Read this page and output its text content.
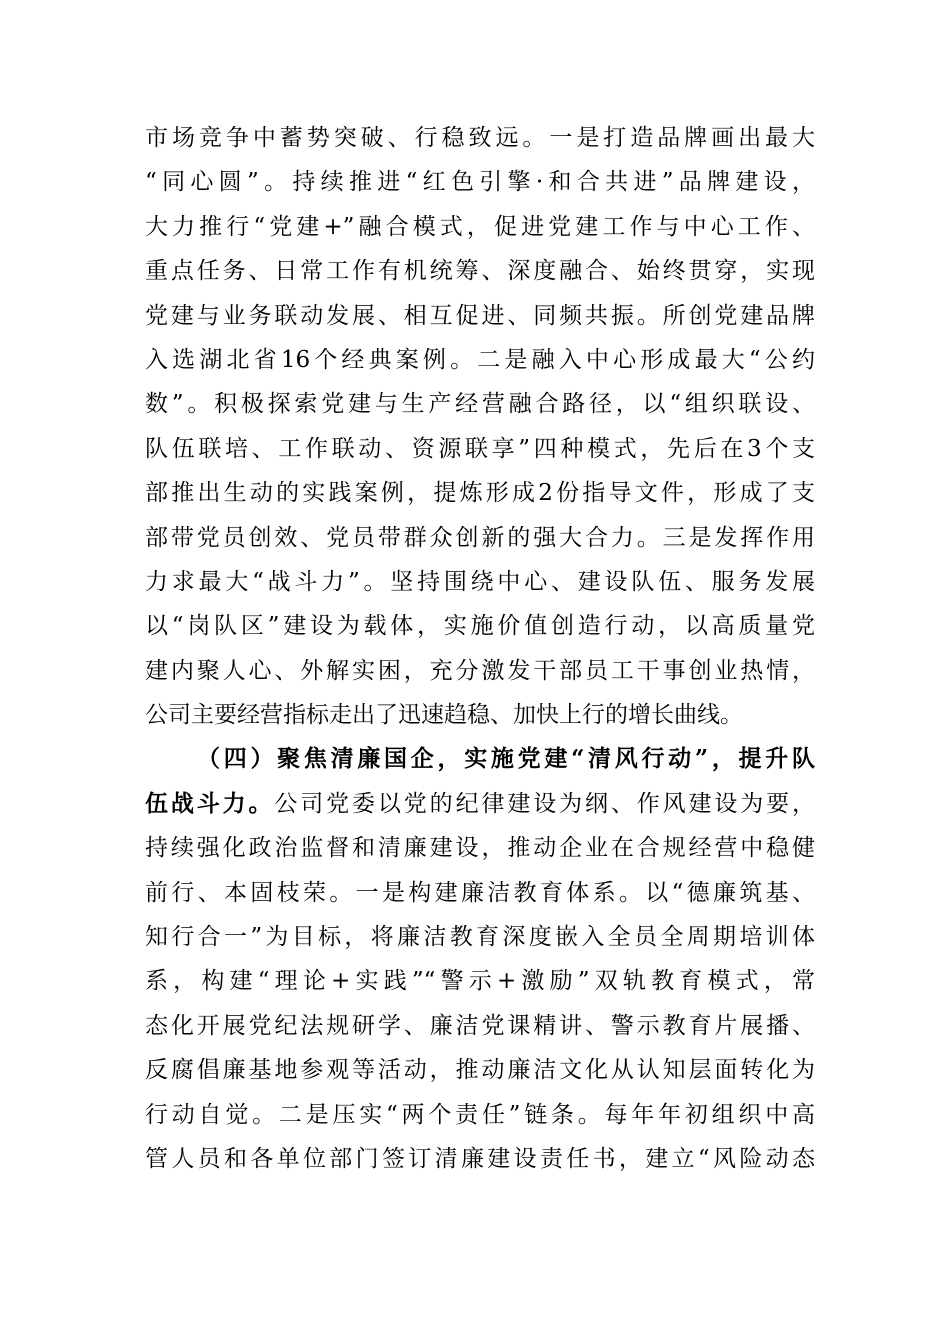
市场竞争中蓄势突破、行稳致远。一是打造品牌画出最大
“同心圆”。持续推进“红色引擎·和合共进”品牌建设，
大力推行“党建+”融合模式，促进党建工作与中心工作、
重点任务、日常工作有机统筹、深度融合、始终贯穿，实现
党建与业务联动发展、相互促进、同频共振。所创党建品牌
入选湖北省16个经典案例。二是融入中心形成最大“公约
数”。积极探索党建与生产经营融合路径，以“组织联设、
队伍联培、工作联动、资源联享”四种模式，先后在3个支
部推出生动的实践案例，提炼形成2份指导文件，形成了支
部带党员创效、党员带群众创新的强大合力。三是发挥作用
力求最大“战斗力”。坚持围绕中心、建设队伍、服务发展
以“岗队区”建设为载体，实施价值创造行动，以高质量党
建内聚人心、外解实困，充分激发干部员工干事创业热情，
公司主要经营指标走出了迅速趋稳、加快上行的增长曲线。
（四）聚焦清廉国企，实施党建“清风行动”，提升队
伍战斗力。公司党委以党的纪律建设为纲、作风建设为要，
持续强化政治监督和清廉建设，推动企业在合规经营中稳健
前行、本固枝荣。一是构建廉洁教育体系。以“德廉筑基、
知行合一”为目标，将廉洁教育深度嵌入全员全周期培训体
系，构建“理论+实践”“警示+激励”双轨教育模式，常
态化开展党纪法规研学、廉洁党课精讲、警示教育片展播、
反腐倡廉基地参观等活动，推动廉洁文化从认知层面转化为
行动自觉。二是压实“两个责任”链条。每年年初组织中高
管人员和各单位部门签订清廉建设责任书，建立“风险动态
